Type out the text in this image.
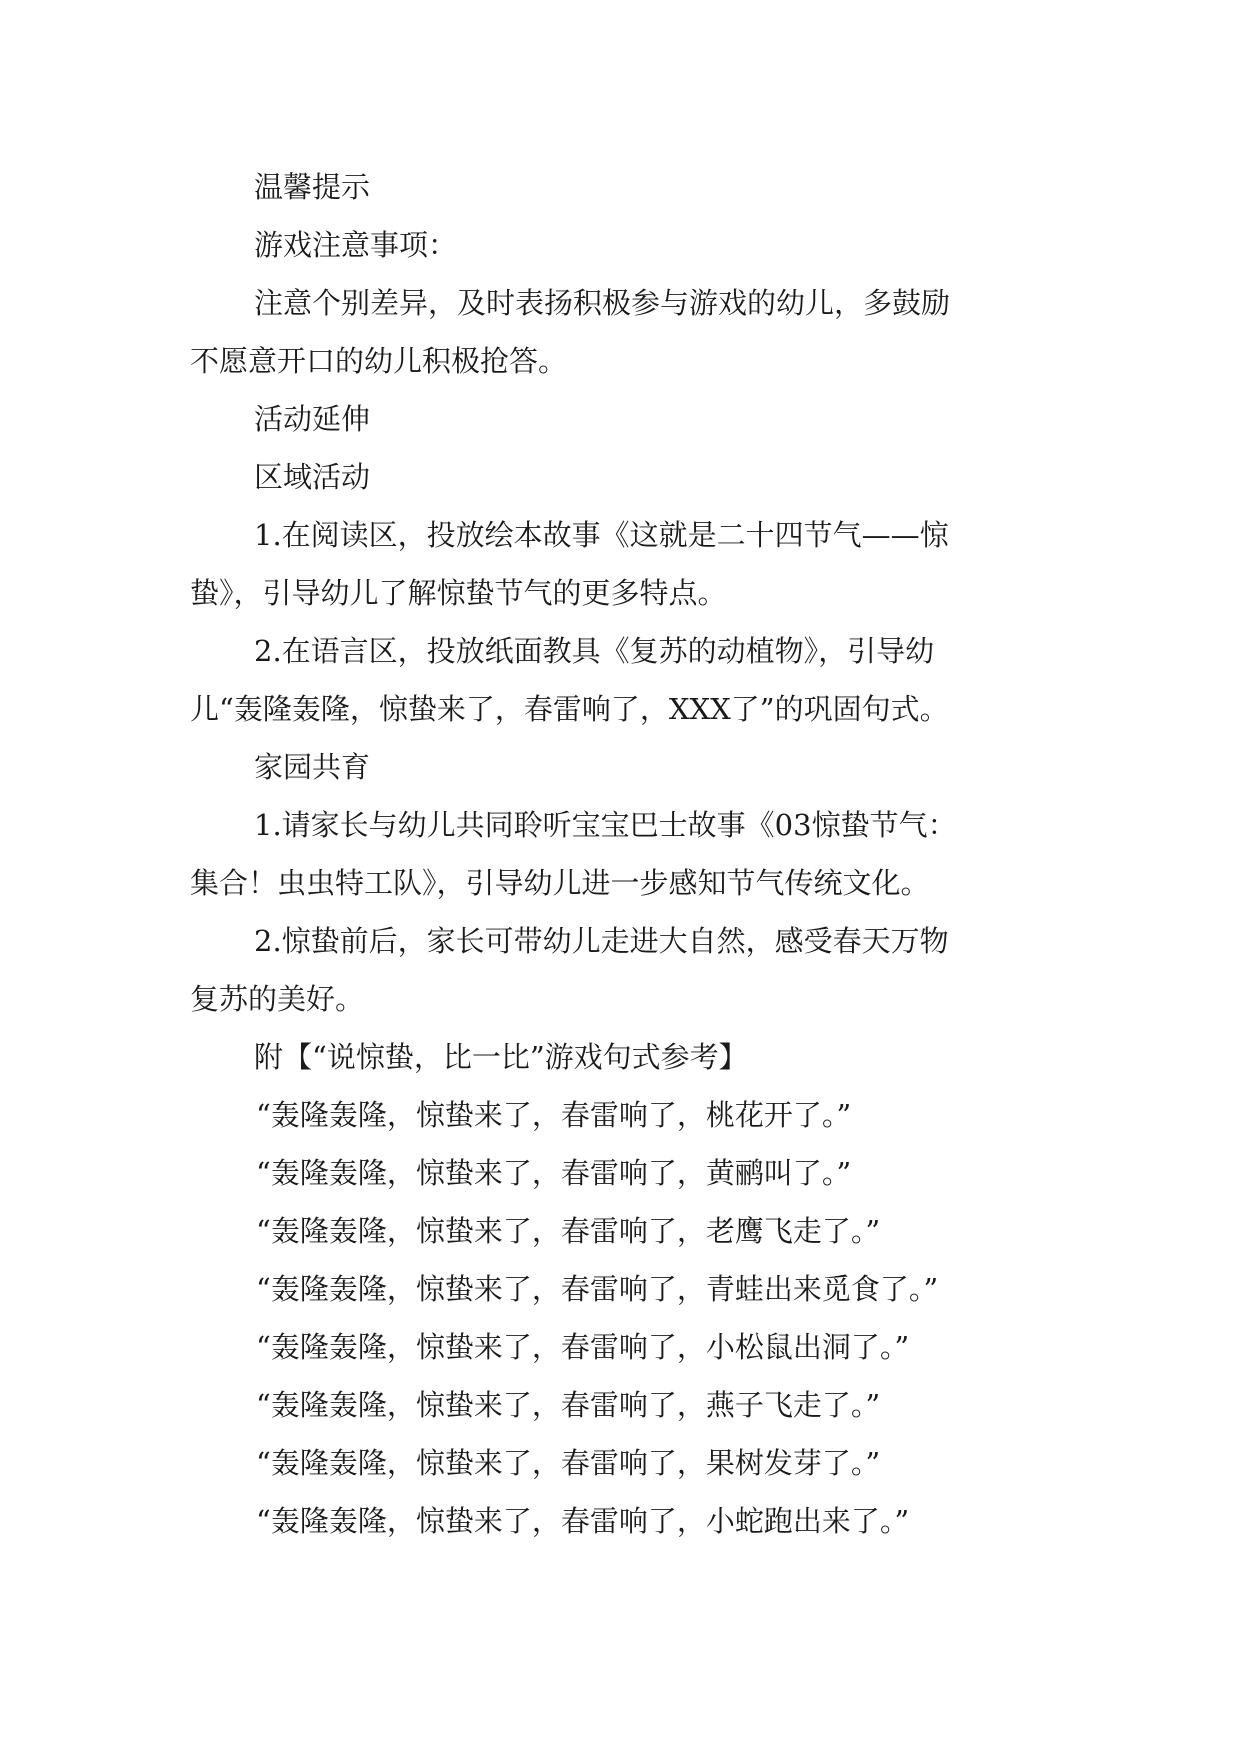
温馨提示

游戏注意事项：

注意个别差异，及时表扬积极参与游戏的幼儿，多鼓励

不愿意开口的幼儿积极抢答。

活动延伸

区域活动

1.在阅读区，投放绘本故事《这就是二十四节气——惊

蛰》，引导幼儿了解惊蛰节气的更多特点。

2.在语言区，投放纸面教具《复苏的动植物》，引导幼

儿“轰隆轰隆，惊蛰来了，春雷响了，XXX了”的巩固句式。

家园共育

1.请家长与幼儿共同聆听宝宝巴士故事《03惊蛰节气：

集合！虫虫特工队》，引导幼儿进一步感知节气传统文化。

2.惊蛰前后，家长可带幼儿走进大自然，感受春天万物

复苏的美好。

附【“说惊蛰，比一比”游戏句式参考】

“轰隆轰隆，惊蛰来了，春雷响了，桃花开了。”

“轰隆轰隆，惊蛰来了，春雷响了，黄鹂叫了。”

“轰隆轰隆，惊蛰来了，春雷响了，老鹰飞走了。”

“轰隆轰隆，惊蛰来了，春雷响了，青蛙出来觅食了。”

“轰隆轰隆，惊蛰来了，春雷响了，小松鼠出洞了。”

“轰隆轰隆，惊蛰来了，春雷响了，燕子飞走了。”

“轰隆轰隆，惊蛰来了，春雷响了，果树发芽了。”

“轰隆轰隆，惊蛰来了，春雷响了，小蛇跑出来了。”
